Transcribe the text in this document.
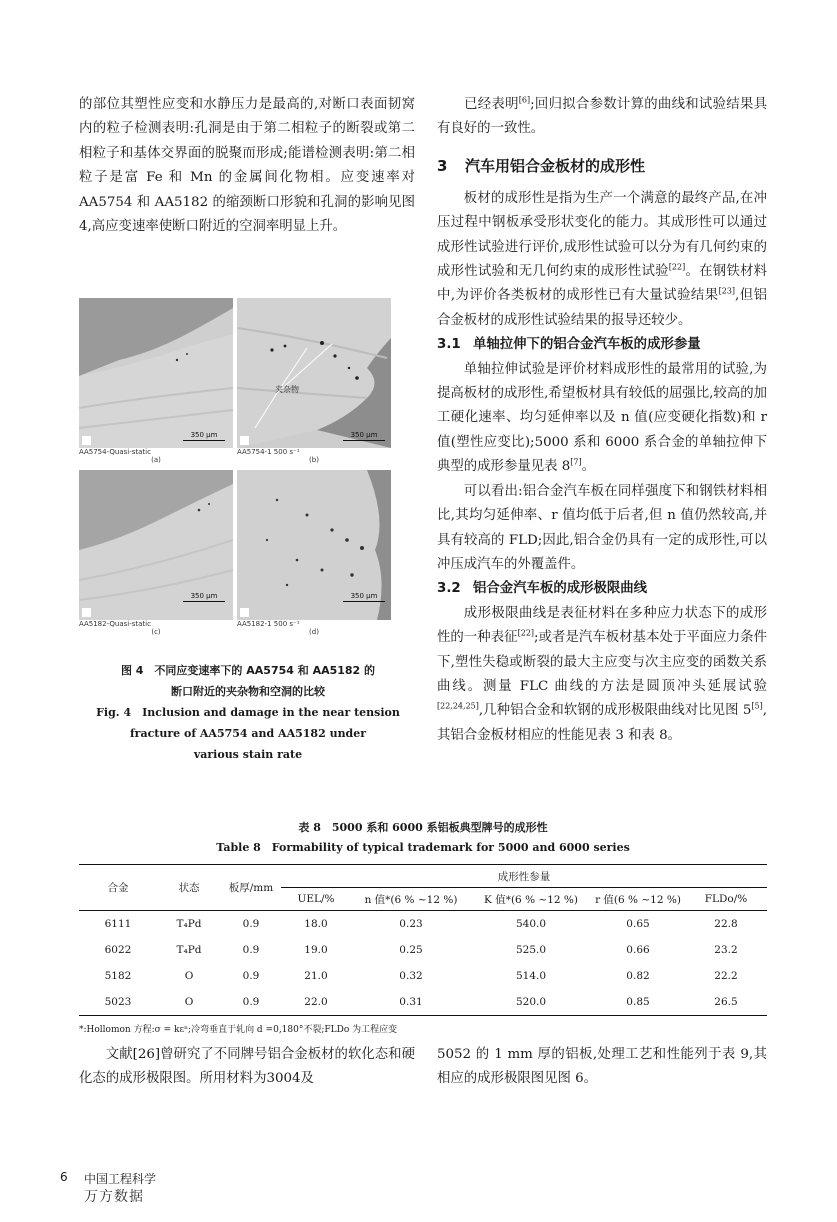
的部位其塑性应变和水静压力是最高的,对断口表面韧窝内的粒子检测表明:孔洞是由于第二相粒子的断裂或第二相粒子和基体交界面的脱聚而形成;能谱检测表明:第二相粒子是富 Fe 和 Mn 的金属间化物相。应变速率对 AA5754 和 AA5182 的缩颈断口形貌和孔洞的影响见图 4,高应变速率使断口附近的空洞率明显上升。

350 μm
AA5754-Quasi-static
(a)
夹杂物
350 μm
AA5754-1 500 s⁻¹
(b)
350 μm
AA5182-Quasi-static
(c)
350 μm
AA5182-1 500 s⁻¹
(d)
图 4　不同应变速率下的 AA5754 和 AA5182 的
断口附近的夹杂物和空洞的比较
Fig. 4　Inclusion and damage in the near tension
fracture of AA5754 and AA5182 under
various stain rate

已经表明[6];回归拟合参数计算的曲线和试验结果具有良好的一致性。

3 汽车用铝合金板材的成形性

板材的成形性是指为生产一个满意的最终产品,在冲压过程中钢板承受形状变化的能力。其成形性可以通过成形性试验进行评价,成形性试验可以分为有几何约束的成形性试验和无几何约束的成形性试验[22]。在钢铁材料中,为评价各类板材的成形性已有大量试验结果[23],但铝合金板材的成形性试验结果的报导还较少。

3.1 单轴拉伸下的铝合金汽车板的成形参量

单轴拉伸试验是评价材料成形性的最常用的试验,为提高板材的成形性,希望板材具有较低的屈强比,较高的加工硬化速率、均匀延伸率以及 n 值(应变硬化指数)和 r 值(塑性应变比);5000 系和 6000 系合金的单轴拉伸下典型的成形参量见表 8[7]。

可以看出:铝合金汽车板在同样强度下和钢铁材料相比,其均匀延伸率、r 值均低于后者,但 n 值仍然较高,并具有较高的 FLD;因此,铝合金仍具有一定的成形性,可以冲压成汽车的外覆盖件。

3.2 铝合金汽车板的成形极限曲线

成形极限曲线是表征材料在多种应力状态下的成形性的一种表征[22];或者是汽车板材基本处于平面应力条件下,塑性失稳或断裂的最大主应变与次主应变的函数关系曲线。测量 FLC 曲线的方法是圆顶冲头延展试验[22,24,25],几种铝合金和软钢的成形极限曲线对比见图 5[5],其铝合金板材相应的性能见表 3 和表 8。

表 8　5000 系和 6000 系铝板典型牌号的成形性
Table 8　Formability of typical trademark for 5000 and 6000 series
合金	状态	板厚/mm	成形性参量				
			UEL/%	n 值*(6 % ~12 %)	K 值*(6 % ~12 %)	r 值(6 % ~12 %)	FLDo/%
6111	T₄Pd	0.9	18.0	0.23	540.0	0.65	22.8
6022	T₄Pd	0.9	19.0	0.25	525.0	0.66	23.2
5182	O	0.9	21.0	0.32	514.0	0.82	22.2
5023	O	0.9	22.0	0.31	520.0	0.85	26.5
*:Hollomon 方程:σ = kεⁿ;冷弯垂直于轧向 d =0,180°不裂;FLDo 为工程应变

文献[26]曾研究了不同牌号铝合金板材的软化态和硬化态的成形极限图。所用材料为3004及

5052 的 1 mm 厚的铝板,处理工艺和性能列于表 9,其相应的成形极限图见图 6。

6 中国工程科学
万方数据
